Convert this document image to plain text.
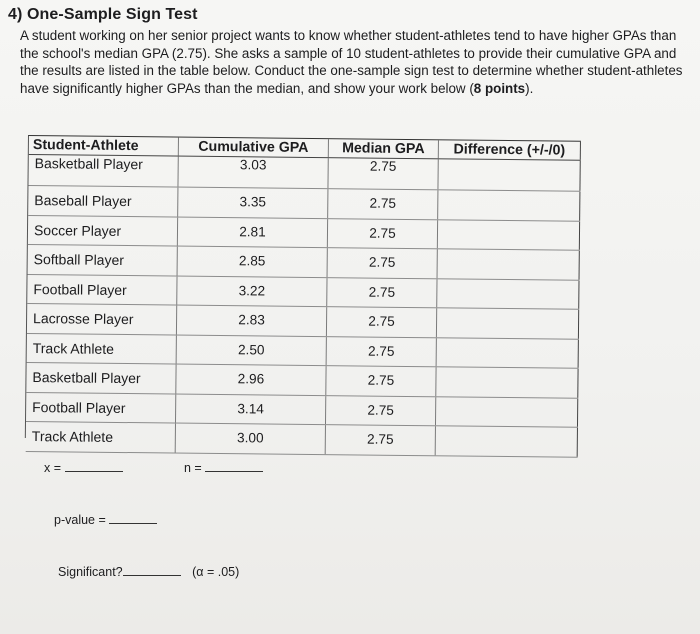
4) One-Sample Sign Test
A student working on her senior project wants to know whether student-athletes tend to have higher GPAs than the school's median GPA (2.75). She asks a sample of 10 student-athletes to provide their cumulative GPA and the results are listed in the table below. Conduct the one-sample sign test to determine whether student-athletes have significantly higher GPAs than the median, and show your work below (8 points).
Student-Athlete	Cumulative GPA	Median GPA	Difference (+/-/0)
Basketball Player	3.03	2.75
Baseball Player	3.35	2.75
Soccer Player	2.81	2.75
Softball Player	2.85	2.75
Football Player	3.22	2.75
Lacrosse Player	2.83	2.75
Track Athlete	2.50	2.75
Basketball Player	2.96	2.75
Football Player	3.14	2.75
Track Athlete	3.00	2.75
x =	n =
p-value =
Significant?	(α = .05)
